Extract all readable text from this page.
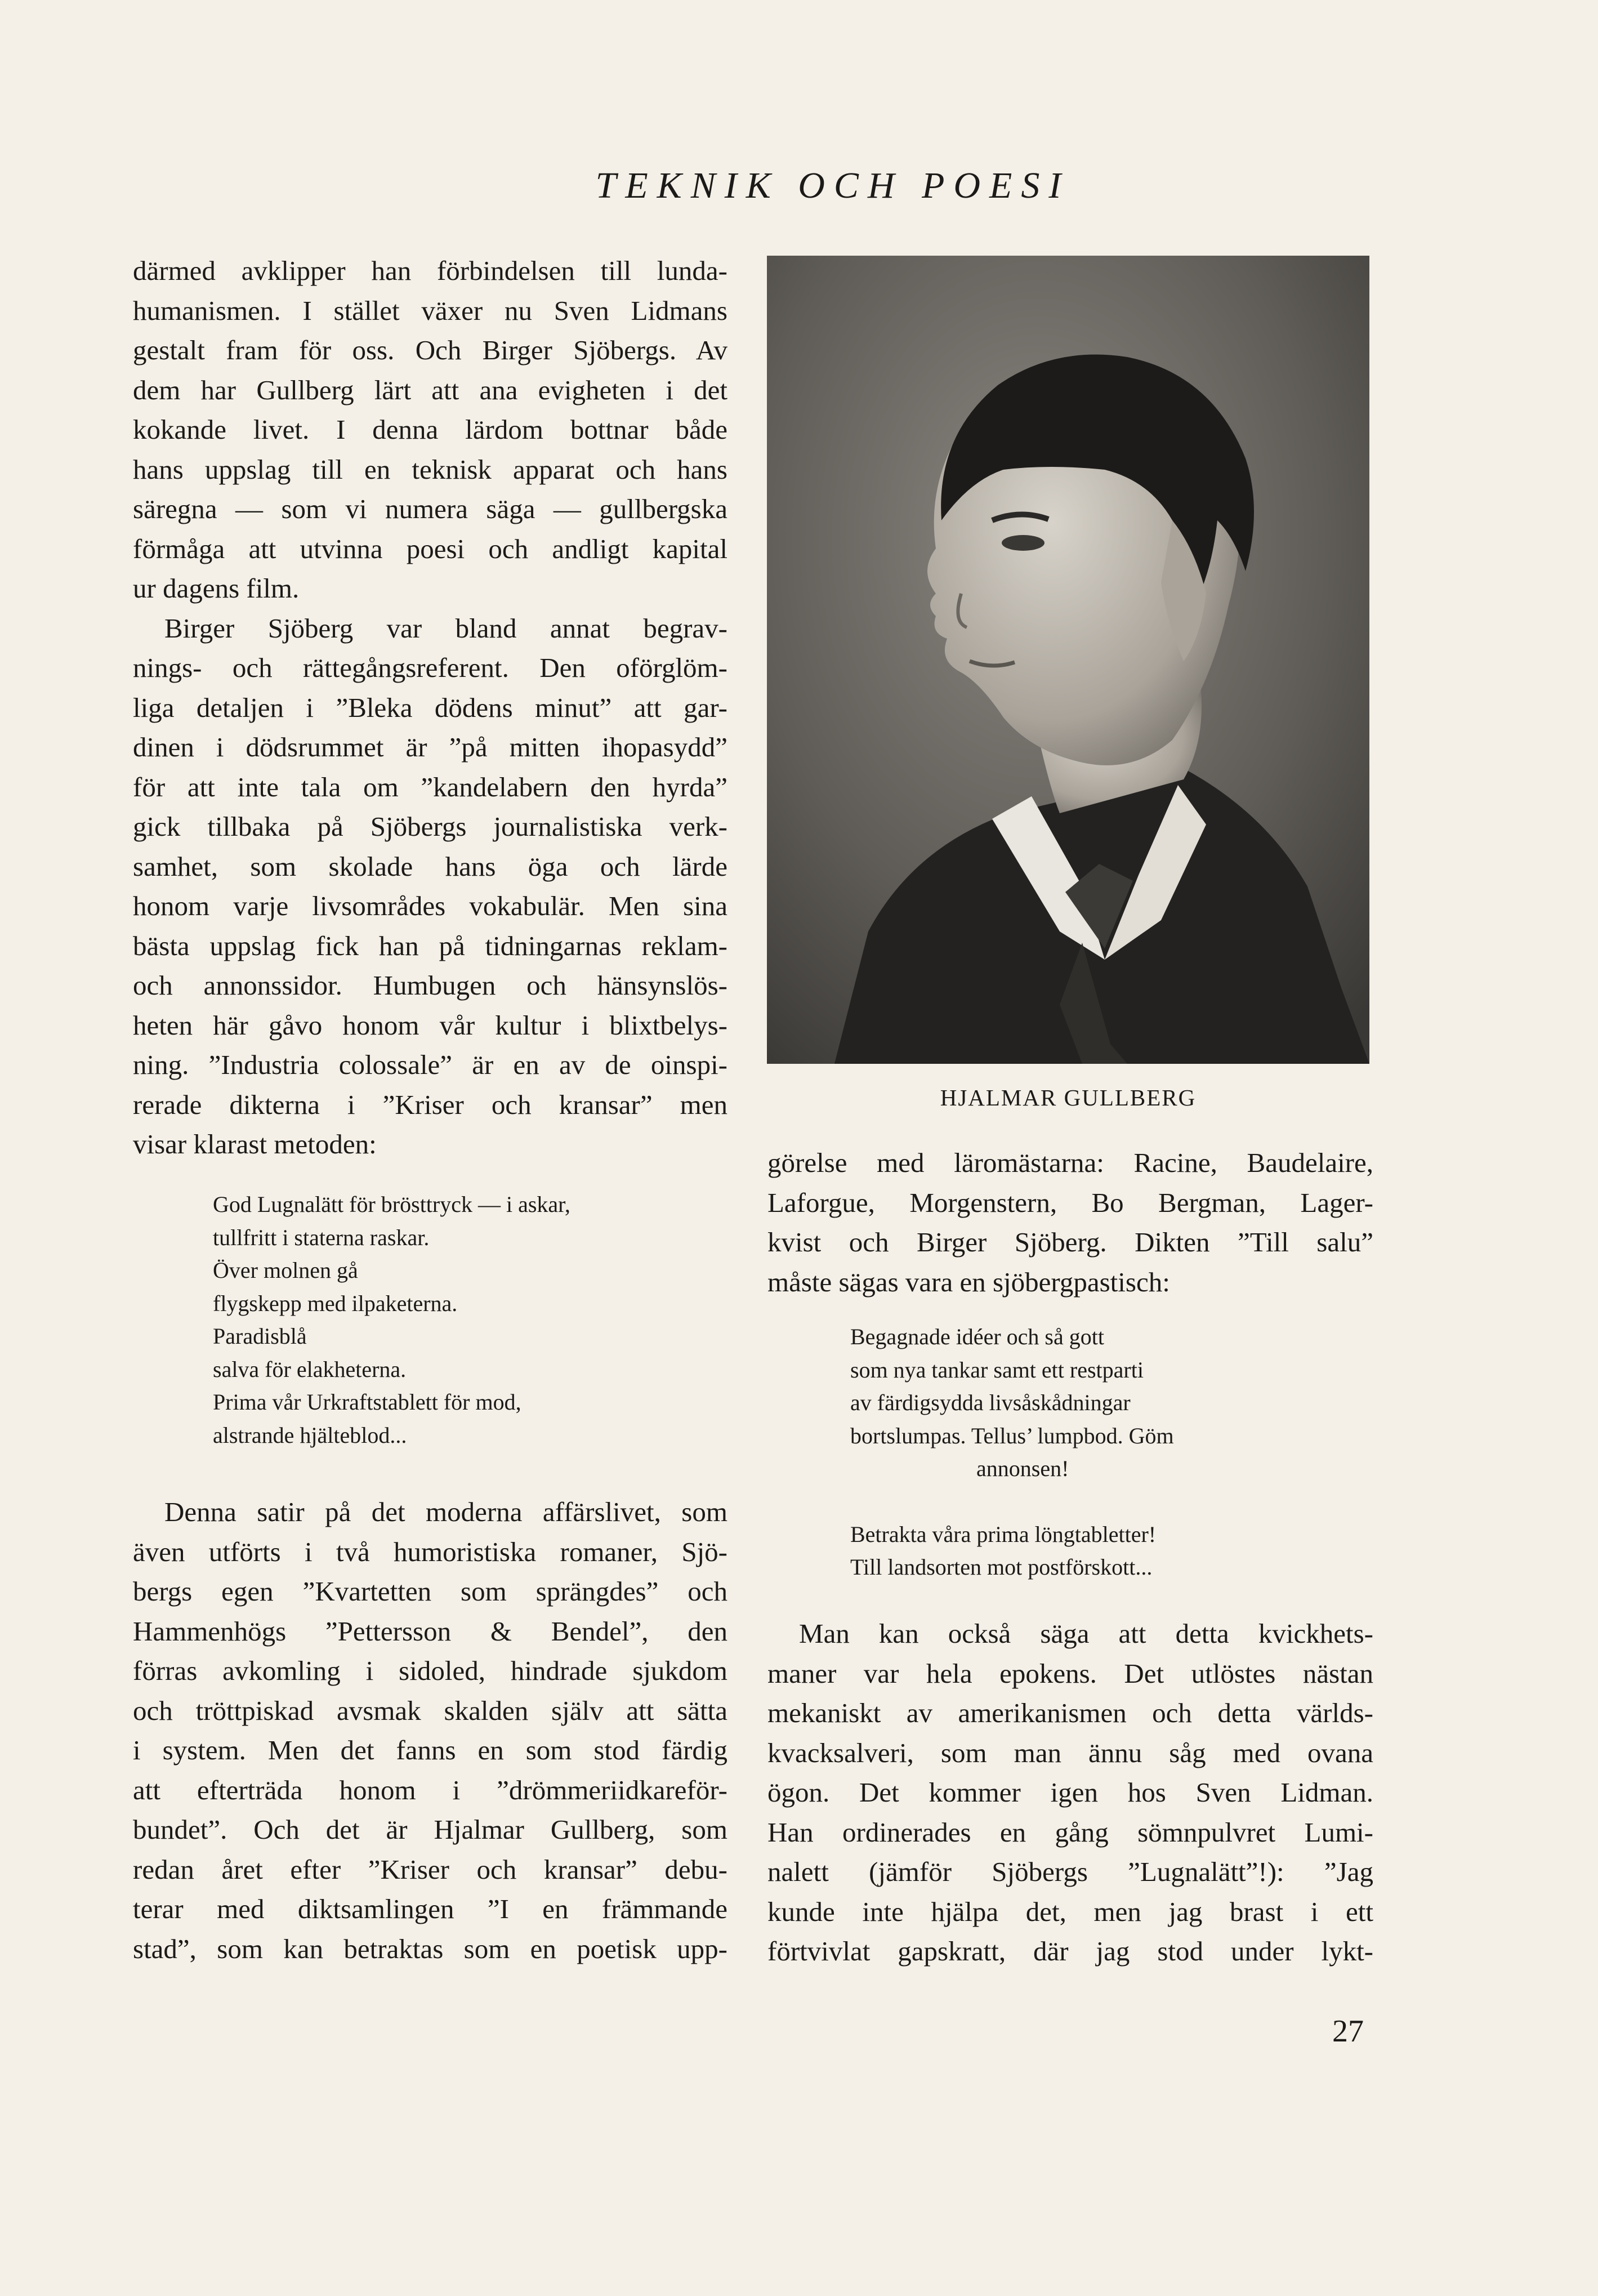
TEKNIK OCH POESI

därmed avklipper han förbindelsen till lunda-
humanismen. I stället växer nu Sven Lidmans
gestalt fram för oss. Och Birger Sjöbergs. Av
dem har Gullberg lärt att ana evigheten i det
kokande livet. I denna lärdom bottnar både
hans uppslag till en teknisk apparat och hans
säregna — som vi numera säga — gullbergska
förmåga att utvinna poesi och andligt kapital
ur dagens film.

Birger Sjöberg var bland annat begrav-
nings- och rättegångsreferent. Den oförglöm-
liga detaljen i ”Bleka dödens minut” att gar-
dinen i dödsrummet är ”på mitten ihopasydd”
för att inte tala om ”kandelabern den hyrda”
gick tillbaka på Sjöbergs journalistiska verk-
samhet, som skolade hans öga och lärde
honom varje livsområdes vokabulär. Men sina
bästa uppslag fick han på tidningarnas reklam-
och annonssidor. Humbugen och hänsynslös-
heten här gåvo honom vår kultur i blixtbelys-
ning. ”Industria colossale” är en av de oinspi-
rerade dikterna i ”Kriser och kransar” men
visar klarast metoden:

God Lugnalätt för brösttryck — i askar,
tullfritt i staterna raskar.
Över molnen gå
flygskepp med ilpaketerna.
Paradisblå
salva för elakheterna.
Prima vår Urkraftstablett för mod,
alstrande hjälteblod...

Denna satir på det moderna affärslivet, som
även utförts i två humoristiska romaner, Sjö-
bergs egen ”Kvartetten som sprängdes” och
Hammenhögs ”Pettersson & Bendel”, den
förras avkomling i sidoled, hindrade sjukdom
och tröttpiskad avsmak skalden själv att sätta
i system. Men det fanns en som stod färdig
att efterträda honom i ”drömmeriidkareför-
bundet”. Och det är Hjalmar Gullberg, som
redan året efter ”Kriser och kransar” debu-
terar med diktsamlingen ”I en främmande
stad”, som kan betraktas som en poetisk upp-

HJALMAR GULLBERG

görelse med läromästarna: Racine, Baudelaire,
Laforgue, Morgenstern, Bo Bergman, Lager-
kvist och Birger Sjöberg. Dikten ”Till salu”
måste sägas vara en sjöbergpastisch:

Begagnade idéer och så gott
som nya tankar samt ett restparti
av färdigsydda livsåskådningar
bortslumpas. Tellus’ lumpbod. Göm
annonsen!
Betrakta våra prima löngtabletter!
Till landsorten mot postförskott...

Man kan också säga att detta kvickhets-
maner var hela epokens. Det utlöstes nästan
mekaniskt av amerikanismen och detta världs-
kvacksalveri, som man ännu såg med ovana
ögon. Det kommer igen hos Sven Lidman.
Han ordinerades en gång sömnpulvret Lumi-
nalett (jämför Sjöbergs ”Lugnalätt”!): ”Jag
kunde inte hjälpa det, men jag brast i ett
förtvivlat gapskratt, där jag stod under lykt-

27
